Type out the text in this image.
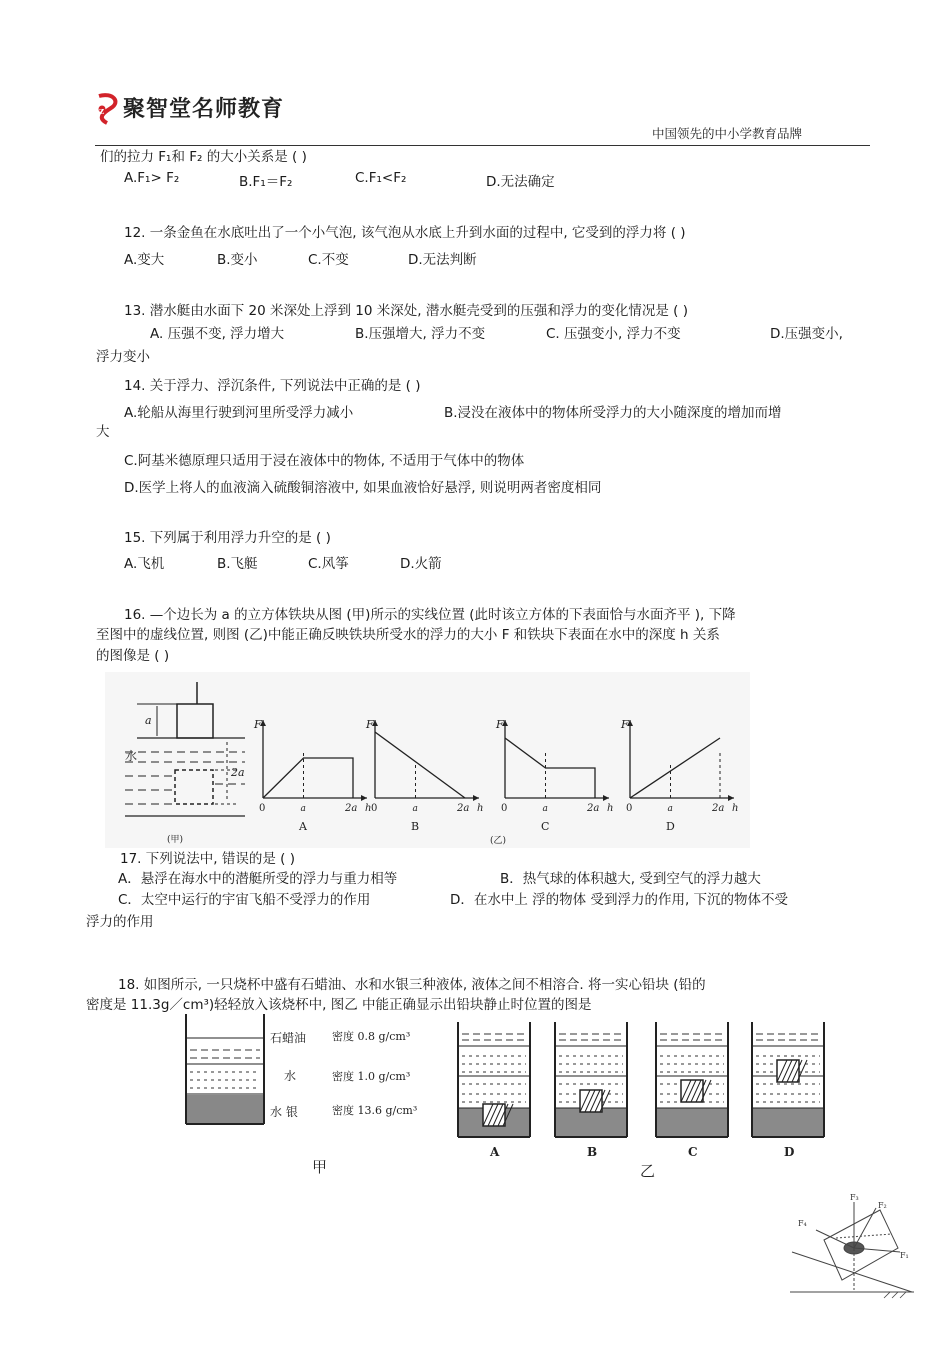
z 聚智堂名师教育
中国领先的中小学教育品牌
们的拉力 F₁和 F₂ 的大小关系是 ( )
A.F₁> F₂	B.F₁＝F₂	C.F₁<F₂	D.无法确定
12. 一条金鱼在水底吐出了一个小气泡, 该气泡从水底上升到水面的过程中, 它受到的浮力将 ( )
A.变大	B.变小	C.不变	D.无法判断
13. 潜水艇由水面下 20 米深处上浮到 10 米深处, 潜水艇壳受到的压强和浮力的变化情况是 ( )
A. 压强不变, 浮力增大	B.压强增大, 浮力不变	C. 压强变小, 浮力不变	D.压强变小,
浮力变小
14. 关于浮力、浮沉条件, 下列说法中正确的是 ( )
A.轮船从海里行驶到河里所受浮力减小	B.浸没在液体中的物体所受浮力的大小随深度的增加而增
大
C.阿基米德原理只适用于浸在液体中的物体, 不适用于气体中的物体
D.医学上将人的血液滴入硫酸铜溶液中, 如果血液恰好悬浮, 则说明两者密度相同
15. 下列属于利用浮力升空的是 ( )
A.飞机	B.飞艇	C.风筝	D.火箭
16. —个边长为 a 的立方体铁块从图 (甲)所示的实线位置 (此时该立方体的下表面恰与水面齐平 ), 下降
至图中的虚线位置, 则图 (乙)中能正确反映铁块所受水的浮力的大小 F 和铁块下表面在水中的深度 h 关系
的图像是 ( )
a
水
2a
(甲)
F
0	a	2a h
A
F
0	a	2a h
B
F
0	a	2a h
C
F
0	a	2a h
D
(乙)
17. 下列说法中, 错误的是 ( )
A．悬浮在海水中的潜艇所受的浮力与重力相等	B．热气球的体积越大, 受到空气的浮力越大
C．太空中运行的宇宙飞船不受浮力的作用	D．在水中上 浮的物体 受到浮力的作用, 下沉的物体不受
浮力的作用
18. 如图所示, 一只烧杯中盛有石蜡油、水和水银三种液体, 液体之间不相溶合. 将一实心铅块 (铅的
密度是 11.3g／cm³)轻轻放入该烧杯中, 图乙 中能正确显示出铅块静止时位置的图是
石蜡油 密度 0.8 g/cm³
水	密度 1.0 g/cm³
水 银	密度 13.6 g/cm³
A	B	C	D
甲	乙
F₃
F₂
F₄
F₁
